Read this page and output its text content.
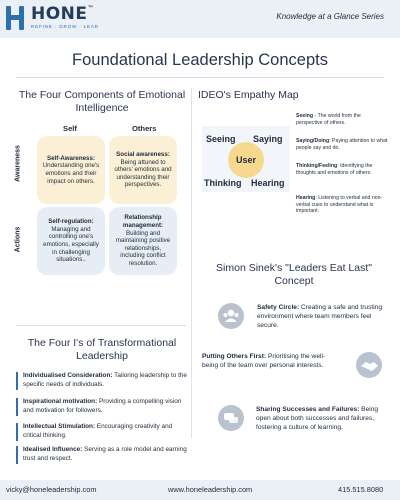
HONE™
REFINE · GROW · LEAD
Knowledge at a Glance Series
Foundational Leadership Concepts
The Four Components of Emotional
Intelligence
Self	Others
Awareness
Actions
Self-Awareness:
Understanding one's emotions and their impact on others.
Social awareness:
Being attuned to others' emotions and understanding their perspectives.
Self-regulation:
Managing and controlling one's emotions, especially in challenging situations..
Relationship management:
Building and maintaining positive relationships, including conflict resolution.
IDEO's Empathy Map
Seeing Saying
Thinking Hearing
User
Seeing - The world from the perspective of others.
Saying/Doing: Paying attention to what people say and do.
Thinking/Feeling: Identifying the thoughts and emotions of others.
Hearing: Listening to verbal and non-verbal cues to understand what is important.
Simon Sinek's "Leaders Eat Last"
Concept
Safety Circle: Creating a safe and trusting environment where team members feel secure.
Putting Others First: Prioritising the well-being of the team over personal interests.
Sharing Successes and Failures: Being open about both successes and failures, fostering a culture of learning.
The Four I's of Transformational
Leadership
Individualised Consideration: Tailoring leadership to the specific needs of individuals.
Inspirational motivation: Providing a compelling vision and motivation for followers.
Intellectual Stimulation: Encouraging creativity and critical thinking.
Idealised Influence: Serving as a role model and earning trust and respect.
vicky@honeleadership.com	www.honeleadership.com	415.515.8080
